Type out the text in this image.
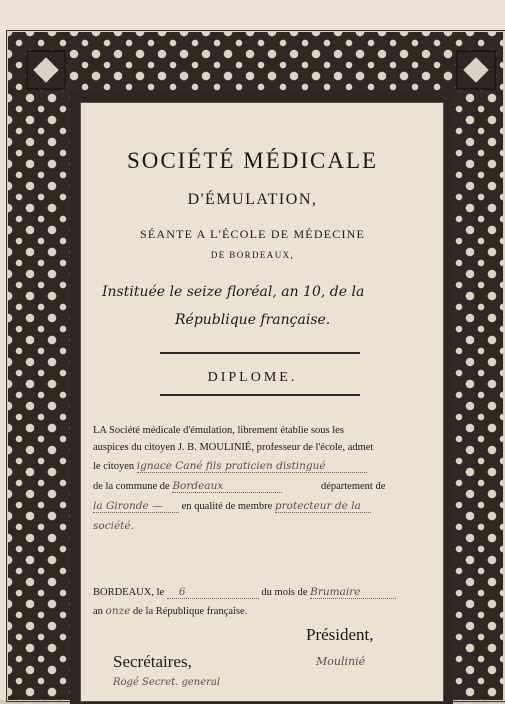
SOCIÉTÉ MÉDICALE
D'ÉMULATION,
SÉANTE A L'ÉCOLE DE MÉDECINE
DE BORDEAUX,
Instituée le seize floréal, an 10, de la
République française.
DIPLOME.
LA Société médicale d'émulation, librement établie sous les
auspices du citoyen J. B. MOULINIÉ, professeur de l'école, admet
le citoyen ignace Cané fils praticien distingué
de la commune de Bordeaux	département de
la Gironde — en qualité de membre protecteur de la
société.
BORDEAUX, le 6	du mois de Brumaire
an onze de la République française.
Président,
Moulinié
Secrétaires,
Rogé Secret. general
